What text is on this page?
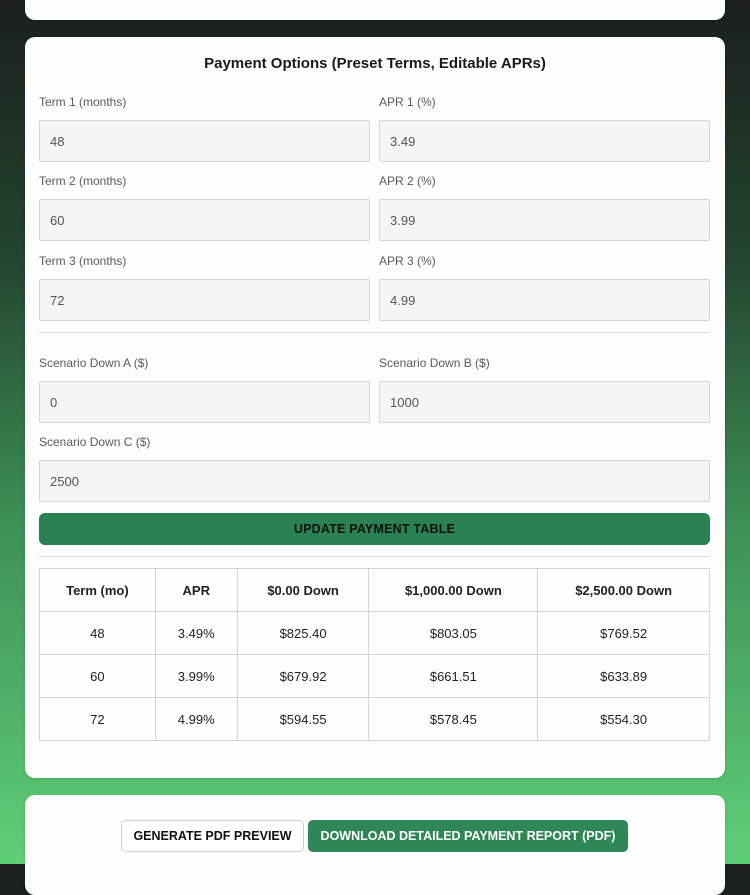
Payment Options (Preset Terms, Editable APRs)
Term 1 (months)
48	APR 1 (%)
3.49
Term 2 (months)
60	APR 2 (%)
3.99
Term 3 (months)
72	APR 3 (%)
4.99
Scenario Down A ($)
0	Scenario Down B ($)
1000
Scenario Down C ($)
2500
UPDATE PAYMENT TABLE
Term (mo)	APR	$0.00 Down	$1,000.00 Down	$2,500.00 Down
48	3.49%	$825.40	$803.05	$769.52
60	3.99%	$679.92	$661.51	$633.89
72	4.99%	$594.55	$578.45	$554.30
GENERATE PDF PREVIEW	DOWNLOAD DETAILED PAYMENT REPORT (PDF)
